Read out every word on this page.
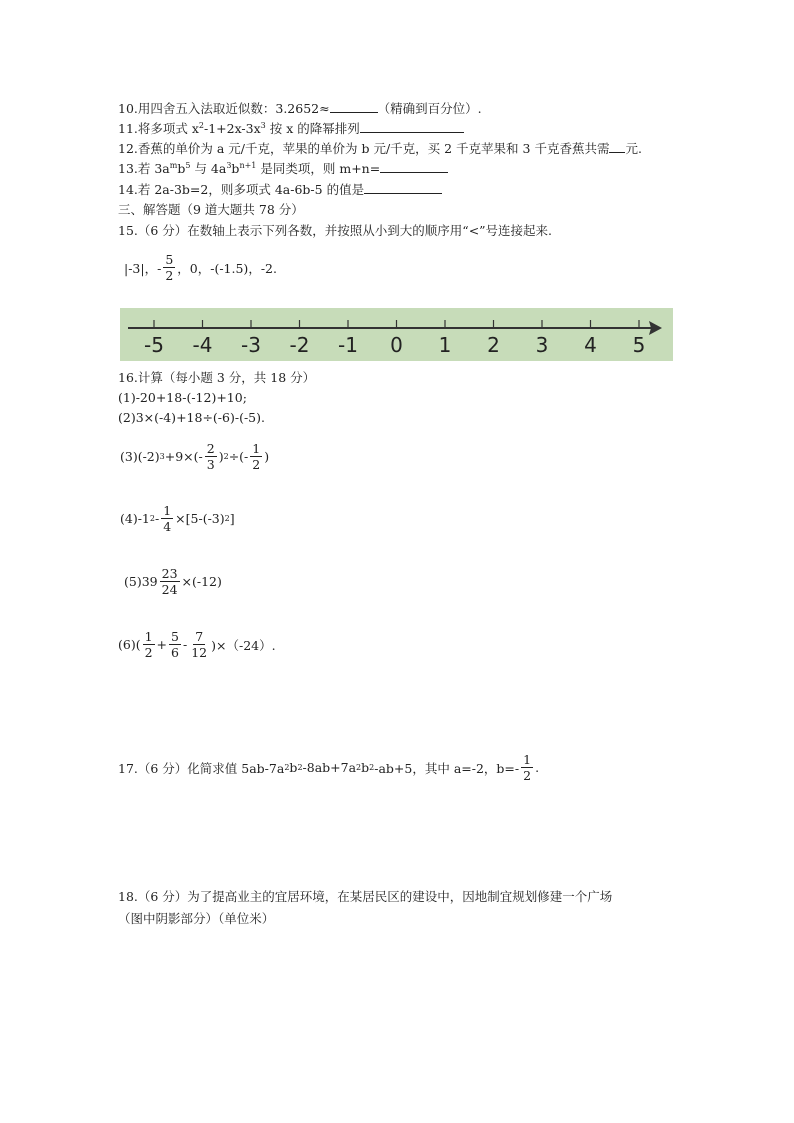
10.用四舍五入法取近似数：3.2652≈	（精确到百分位）.
11.将多项式 $x^2-1+2x-3x^3$ 按 x 的降幂排列
12.香蕉的单价为 a 元/千克，苹果的单价为 b 元/千克，买 2 千克苹果和 3 千克香蕉共需 元.
13.若 $3a^mb^5$ 与 $4a^3b^{n+1}$ 是同类项，则 m+n=
14.若 2a-3b=2，则多项式 4a-6b-5 的值是
三、解答题（9 道大题共 78 分）
15.（6 分）在数轴上表示下列各数，并按照从小到大的顺序用“<”号连接起来.
|-3|，- $\frac{5}{2}$ ，0，-(-1.5)，-2.
-5 -4 -3 -2 -1 0 1 2 3 4 5
16.计算（每小题 3 分，共 18 分）
(1)-20+18-(-12)+10;
(2)3×(-4)+18÷(-6)-(-5).
(3)(-2) $3 +9\times(- \frac{2}{3}$ ) 2 ÷(- $\frac{1}{2}$ )
(4)-1 $2 - \frac{1}{4} \times[5-(-3)$ 2 ]
$(5)39 \frac{23}{24} \times(-12)$
$(6)( \frac{1}{2} + \frac{5}{6} - \frac{7}{12} )\times(-24)$.
17.（6 分）化简求值 5ab-7a 2 b 2 -8ab+7a 2 b 2 -ab+5，其中 a=-2，$b=- \frac{1}{2}$ .
18.（6 分）为了提高业主的宜居环境，在某居民区的建设中，因地制宜规划修建一个广场
（图中阴影部分）（单位米）
